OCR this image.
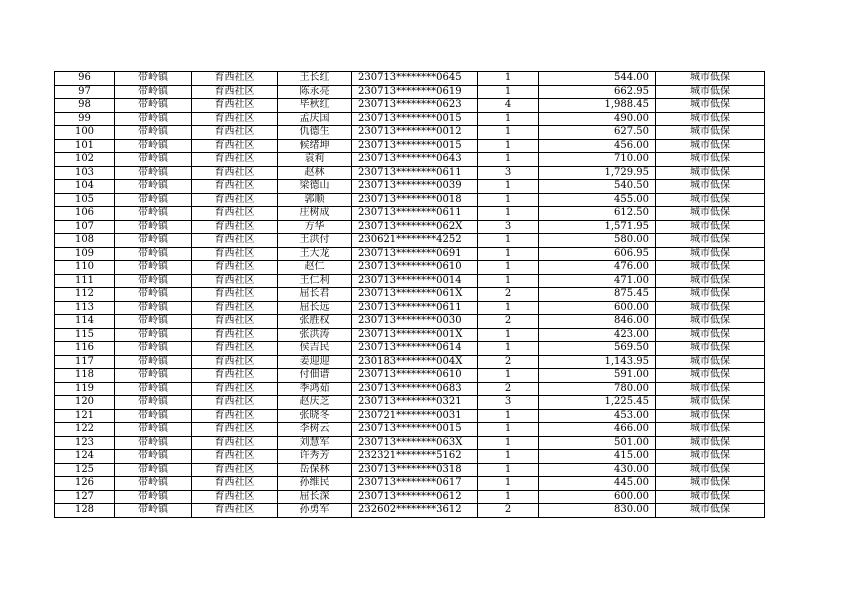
96	带岭镇	育西社区	王长红	230713********0645	1	544.00	城市低保
97	带岭镇	育西社区	陈永亮	230713********0619	1	662.95	城市低保
98	带岭镇	育西社区	毕秋红	230713********0623	4	1,988.45	城市低保
99	带岭镇	育西社区	孟庆国	230713********0015	1	490.00	城市低保
100	带岭镇	育西社区	仇德生	230713********0012	1	627.50	城市低保
101	带岭镇	育西社区	候绪坤	230713********0015	1	456.00	城市低保
102	带岭镇	育西社区	袁莉	230713********0643	1	710.00	城市低保
103	带岭镇	育西社区	赵林	230713********0611	3	1,729.95	城市低保
104	带岭镇	育西社区	梁德山	230713********0039	1	540.50	城市低保
105	带岭镇	育西社区	郭顺	230713********0018	1	455.00	城市低保
106	带岭镇	育西社区	庄树成	230713********0611	1	612.50	城市低保
107	带岭镇	育西社区	方华	230713********062X	3	1,571.95	城市低保
108	带岭镇	育西社区	王洪付	230621********4252	1	580.00	城市低保
109	带岭镇	育西社区	王大龙	230713********0691	1	606.95	城市低保
110	带岭镇	育西社区	赵仁	230713********0610	1	476.00	城市低保
111	带岭镇	育西社区	王仁利	230713********0014	1	471.00	城市低保
112	带岭镇	育西社区	屈长君	230713********061X	2	875.45	城市低保
113	带岭镇	育西社区	屈长远	230713********0611	1	600.00	城市低保
114	带岭镇	育西社区	张胜权	230713********0030	2	846.00	城市低保
115	带岭镇	育西社区	张洪涛	230713********001X	1	423.00	城市低保
116	带岭镇	育西社区	侯吉民	230713********0614	1	569.50	城市低保
117	带岭镇	育西社区	姜迎迎	230183********004X	2	1,143.95	城市低保
118	带岭镇	育西社区	付佃谱	230713********0610	1	591.00	城市低保
119	带岭镇	育西社区	季鸿茹	230713********0683	2	780.00	城市低保
120	带岭镇	育西社区	赵庆芝	230713********0321	3	1,225.45	城市低保
121	带岭镇	育西社区	张晓冬	230721********0031	1	453.00	城市低保
122	带岭镇	育西社区	李树云	230713********0015	1	466.00	城市低保
123	带岭镇	育西社区	刘慧军	230713********063X	1	501.00	城市低保
124	带岭镇	育西社区	许秀芳	232321********5162	1	415.00	城市低保
125	带岭镇	育西社区	岳保林	230713********0318	1	430.00	城市低保
126	带岭镇	育西社区	孙维民	230713********0617	1	445.00	城市低保
127	带岭镇	育西社区	屈长深	230713********0612	1	600.00	城市低保
128	带岭镇	育西社区	孙勇军	232602********3612	2	830.00	城市低保
